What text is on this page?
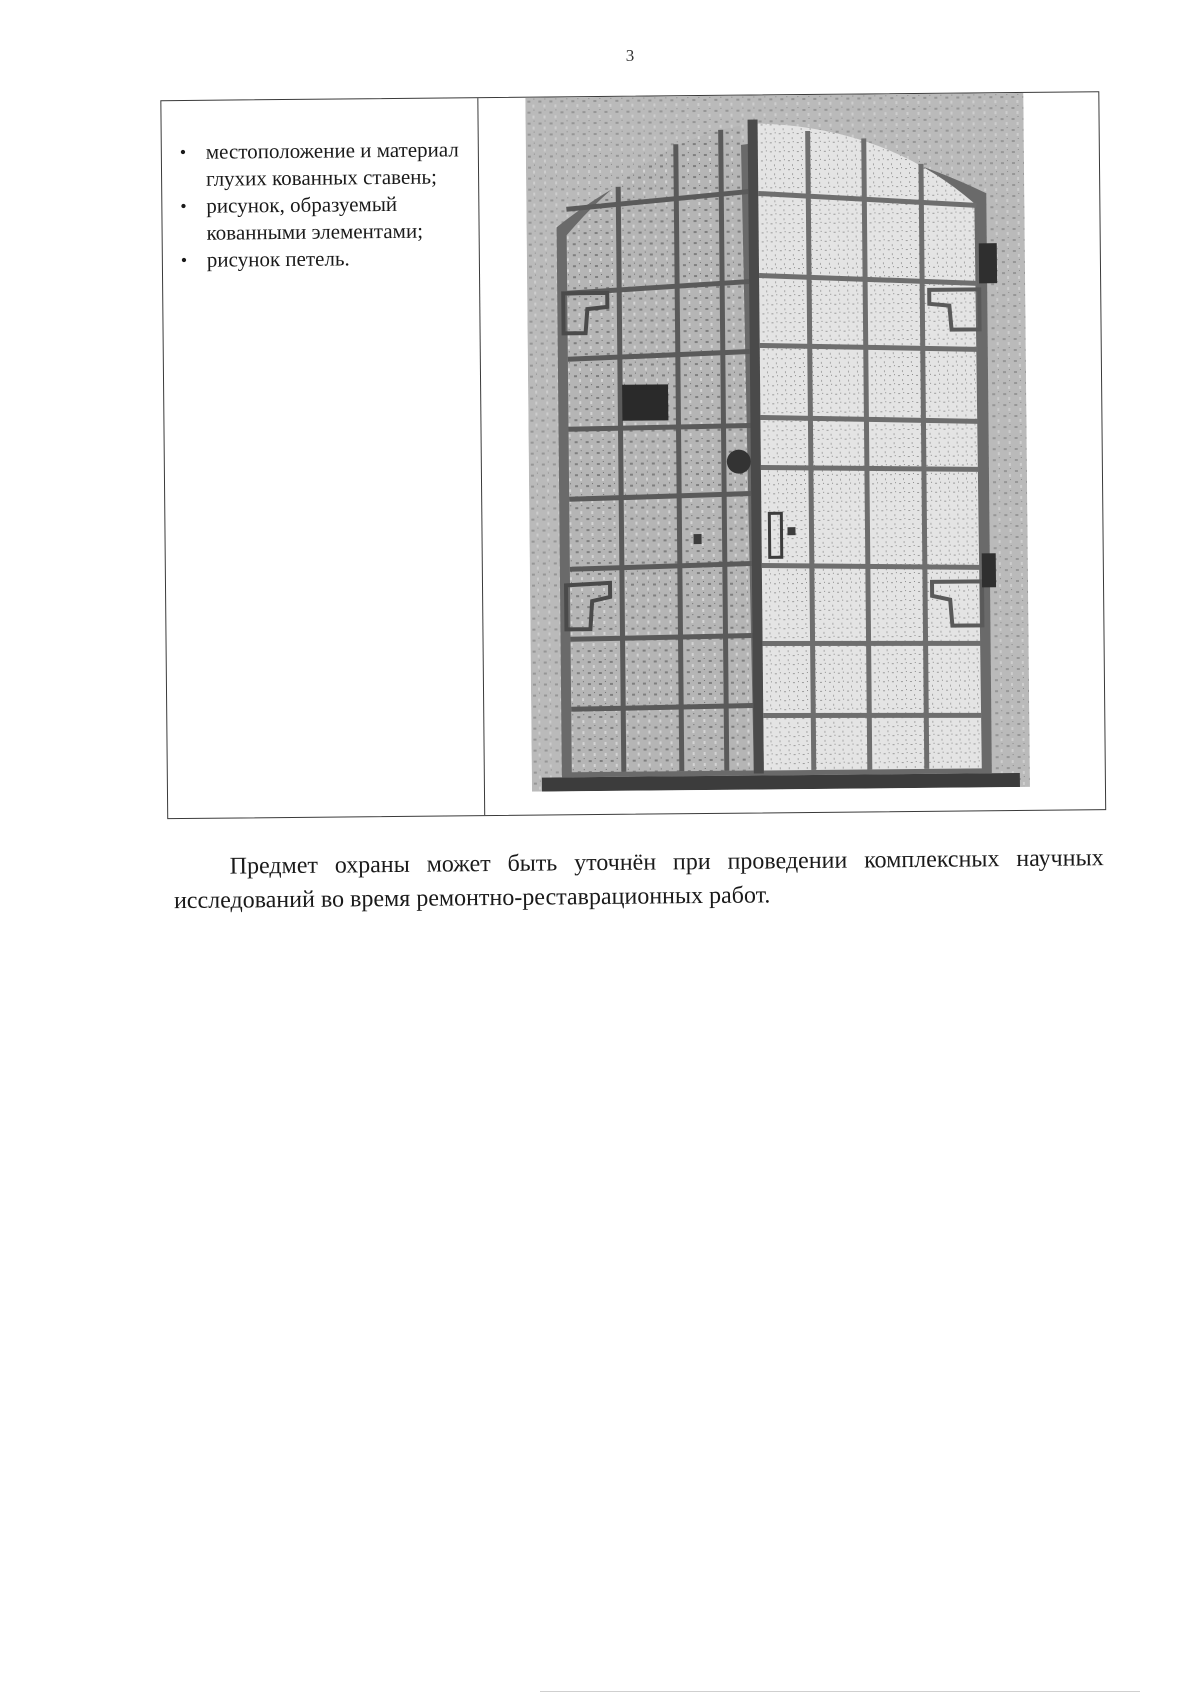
3
• местоположение и материал глухих кованных ставень;
• рисунок, образуемый кованными элементами;
• рисунок петель.
Предмет охраны может быть уточнён при проведении комплексных научных исследований во время ремонтно-реставрационных работ.
